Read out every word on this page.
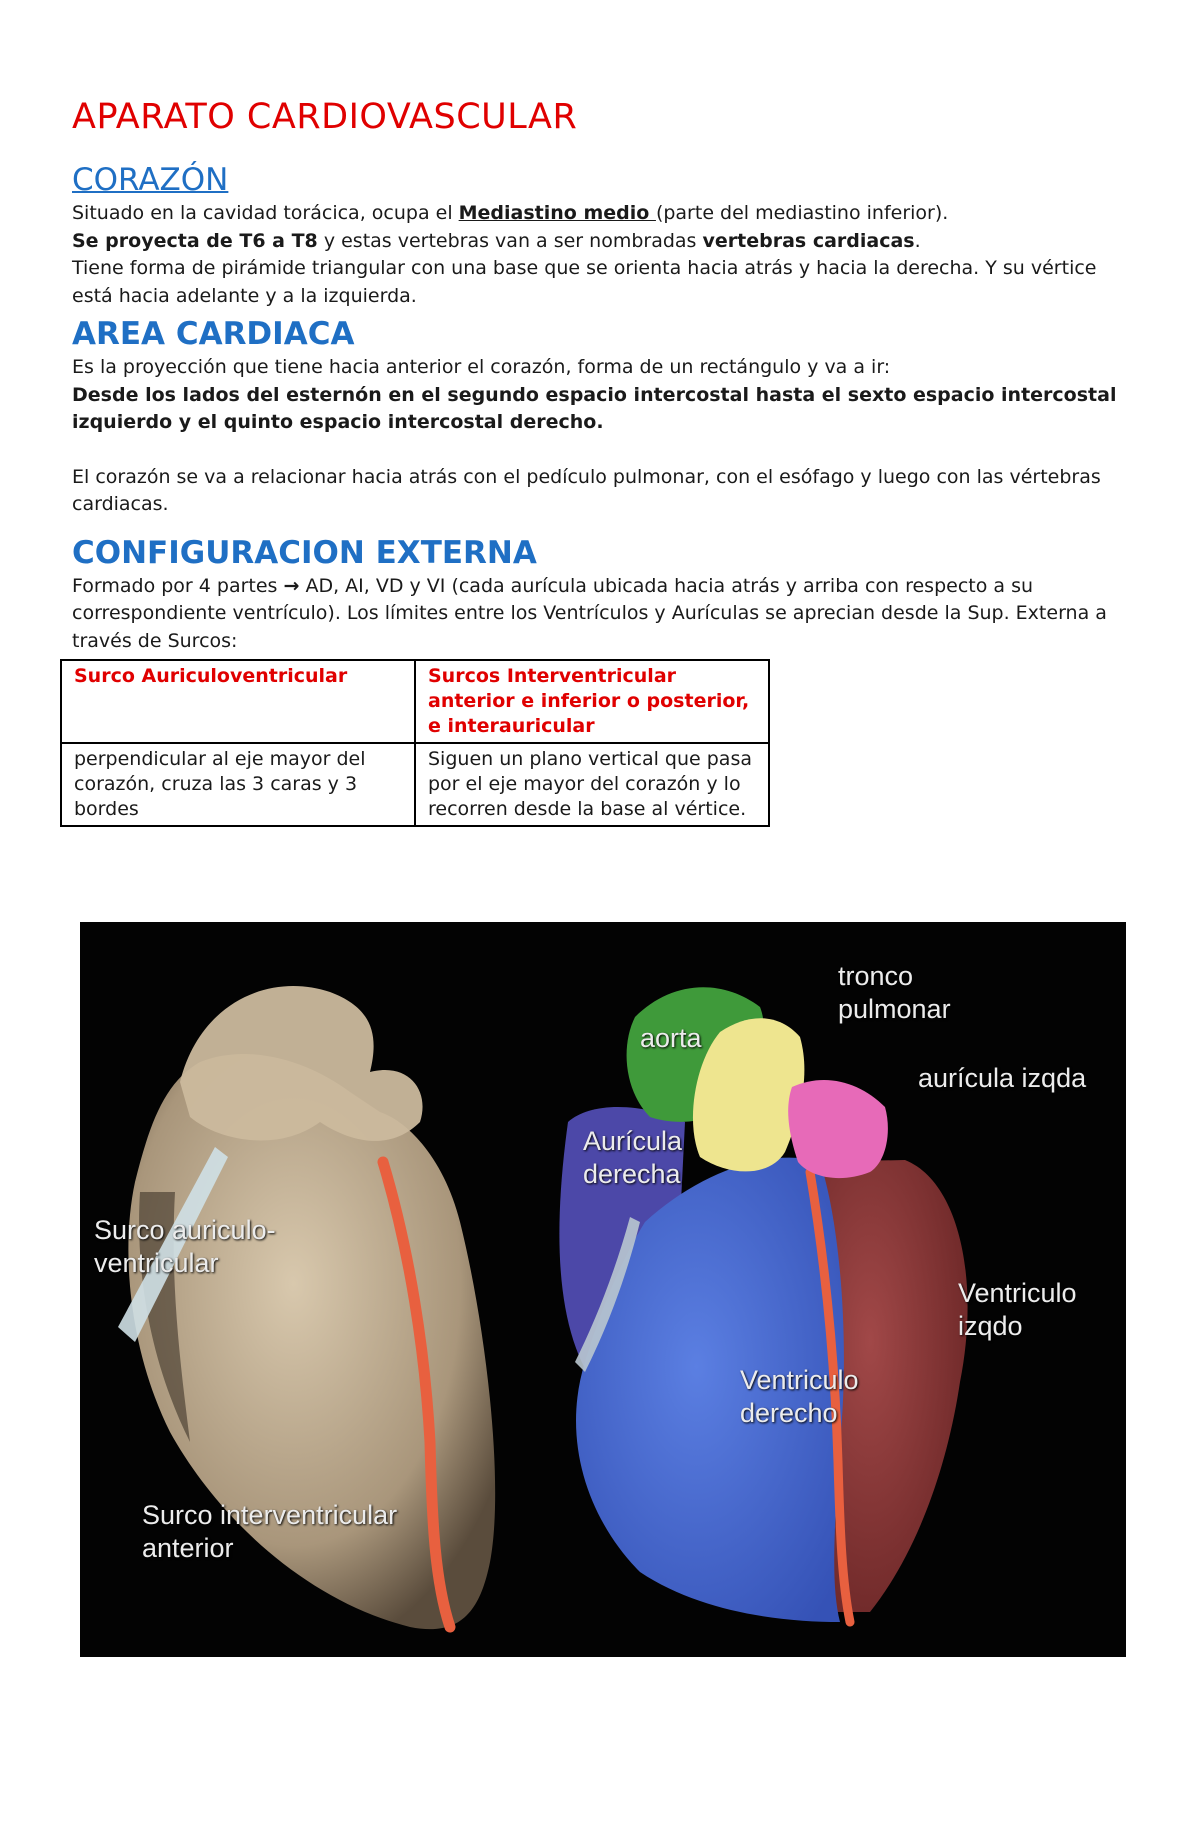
APARATO CARDIOVASCULAR
CORAZÓN

Situado en la cavidad torácica, ocupa el Mediastino medio (parte del mediastino inferior).

Se proyecta de T6 a T8 y estas vertebras van a ser nombradas vertebras cardiacas.

Tiene forma de pirámide triangular con una base que se orienta hacia atrás y hacia la derecha. Y su vértice está hacia adelante y a la izquierda.

AREA CARDIACA

Es la proyección que tiene hacia anterior el corazón, forma de un rectángulo y va a ir:

Desde los lados del esternón en el segundo espacio intercostal hasta el sexto espacio intercostal izquierdo y el quinto espacio intercostal derecho.

El corazón se va a relacionar hacia atrás con el pedículo pulmonar, con el esófago y luego con las vértebras cardiacas.

CONFIGURACION EXTERNA

Formado por 4 partes → AD, AI, VD y VI (cada aurícula ubicada hacia atrás y arriba con respecto a su correspondiente ventrículo). Los límites entre los Ventrículos y Aurículas se aprecian desde la Sup. Externa a través de Surcos:

Surco Auriculoventricular	Surcos Interventricular anterior e inferior o posterior, e interauricular
perpendicular al eje mayor del corazón, cruza las 3 caras y 3 bordes	Siguen un plano vertical que pasa por el eje mayor del corazón y lo recorren desde la base al vértice.
Surco auriculo-ventricular
Surco interventricular anterior
tronco pulmonar
aorta
aurícula izqda
Aurícula derecha
Ventriculo izqdo
Ventriculo derecho
